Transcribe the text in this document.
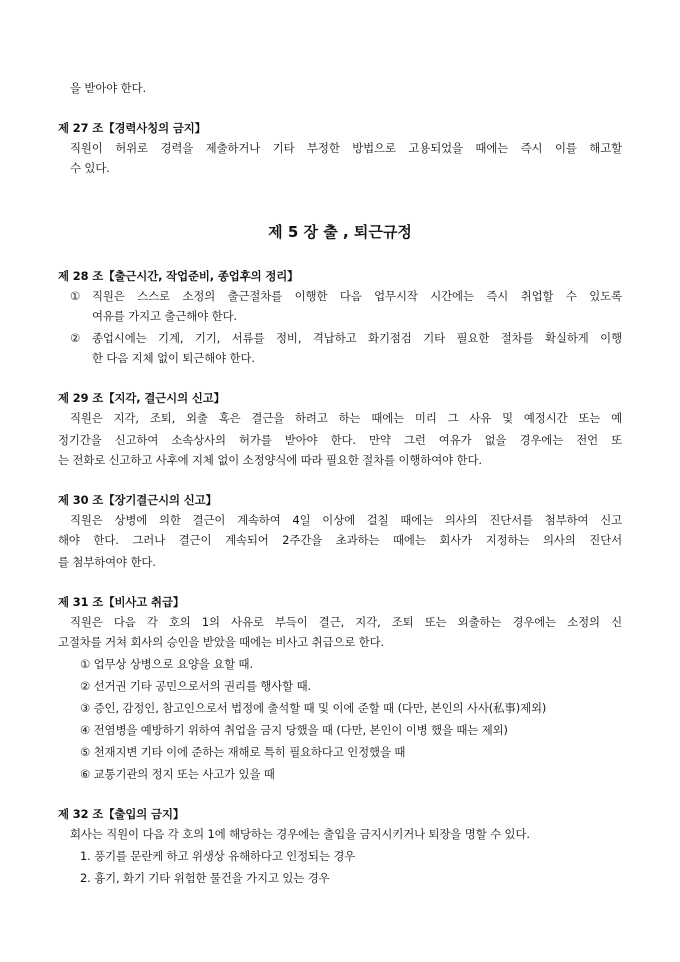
을 받아야 한다.
제 27 조【경력사칭의 금지】
직원이 허위로 경력을 제출하거나 기타 부정한 방법으로 고용되었을 때에는 즉시 이를 해고할
수 있다.
제 5 장 출 , 퇴근규정
제 28 조【출근시간, 작업준비, 종업후의 정리】
① 직원은 스스로 소정의 출근절차를 이행한 다음 업무시작 시간에는 즉시 취업할 수 있도록
여유를 가지고 출근해야 한다.
② 종업시에는 기계, 기기, 서류를 정비, 격납하고 화기점검 기타 필요한 절차를 확실하게 이행
한 다음 지체 없이 퇴근해야 한다.
제 29 조【지각, 결근시의 신고】
직원은 지각, 조퇴, 외출 혹은 결근을 하려고 하는 때에는 미리 그 사유 및 예정시간 또는 예
정기간을 신고하여 소속상사의 허가를 받아야 한다. 만약 그런 여유가 없을 경우에는 전언 또
는 전화로 신고하고 사후에 지체 없이 소정양식에 따라 필요한 절차를 이행하여야 한다.
제 30 조【장기결근시의 신고】
직원은 상병에 의한 결근이 계속하여 4일 이상에 걸칠 때에는 의사의 진단서를 첨부하여 신고
해야 한다. 그러나 결근이 계속되어 2주간을 초과하는 때에는 회사가 지정하는 의사의 진단서
를 첨부하여야 한다.
제 31 조【비사고 취급】
직원은 다음 각 호의 1의 사유로 부득이 결근, 지각, 조퇴 또는 외출하는 경우에는 소정의 신
고절차를 거쳐 회사의 승인을 받았을 때에는 비사고 취급으로 한다.
① 업무상 상병으로 요양을 요할 때.
② 선거권 기타 공민으로서의 권리를 행사할 때.
③ 증인, 감정인, 참고인으로서 법정에 출석할 때 및 이에 준할 때 (다만, 본인의 사사(私事)제외)
④ 전염병을 예방하기 위하여 취업을 금지 당했을 때 (다만, 본인이 이병 했을 때는 제외)
⑤ 천재지변 기타 이에 준하는 재해로 특히 필요하다고 인정했을 때
⑥ 교통기관의 정지 또는 사고가 있을 때
제 32 조【출입의 금지】
회사는 직원이 다음 각 호의 1에 해당하는 경우에는 출입을 금지시키거나 퇴장을 명할 수 있다.
1. 풍기를 문란케 하고 위생상 유해하다고 인정되는 경우
2. 흉기, 화기 기타 위험한 물건을 가지고 있는 경우
